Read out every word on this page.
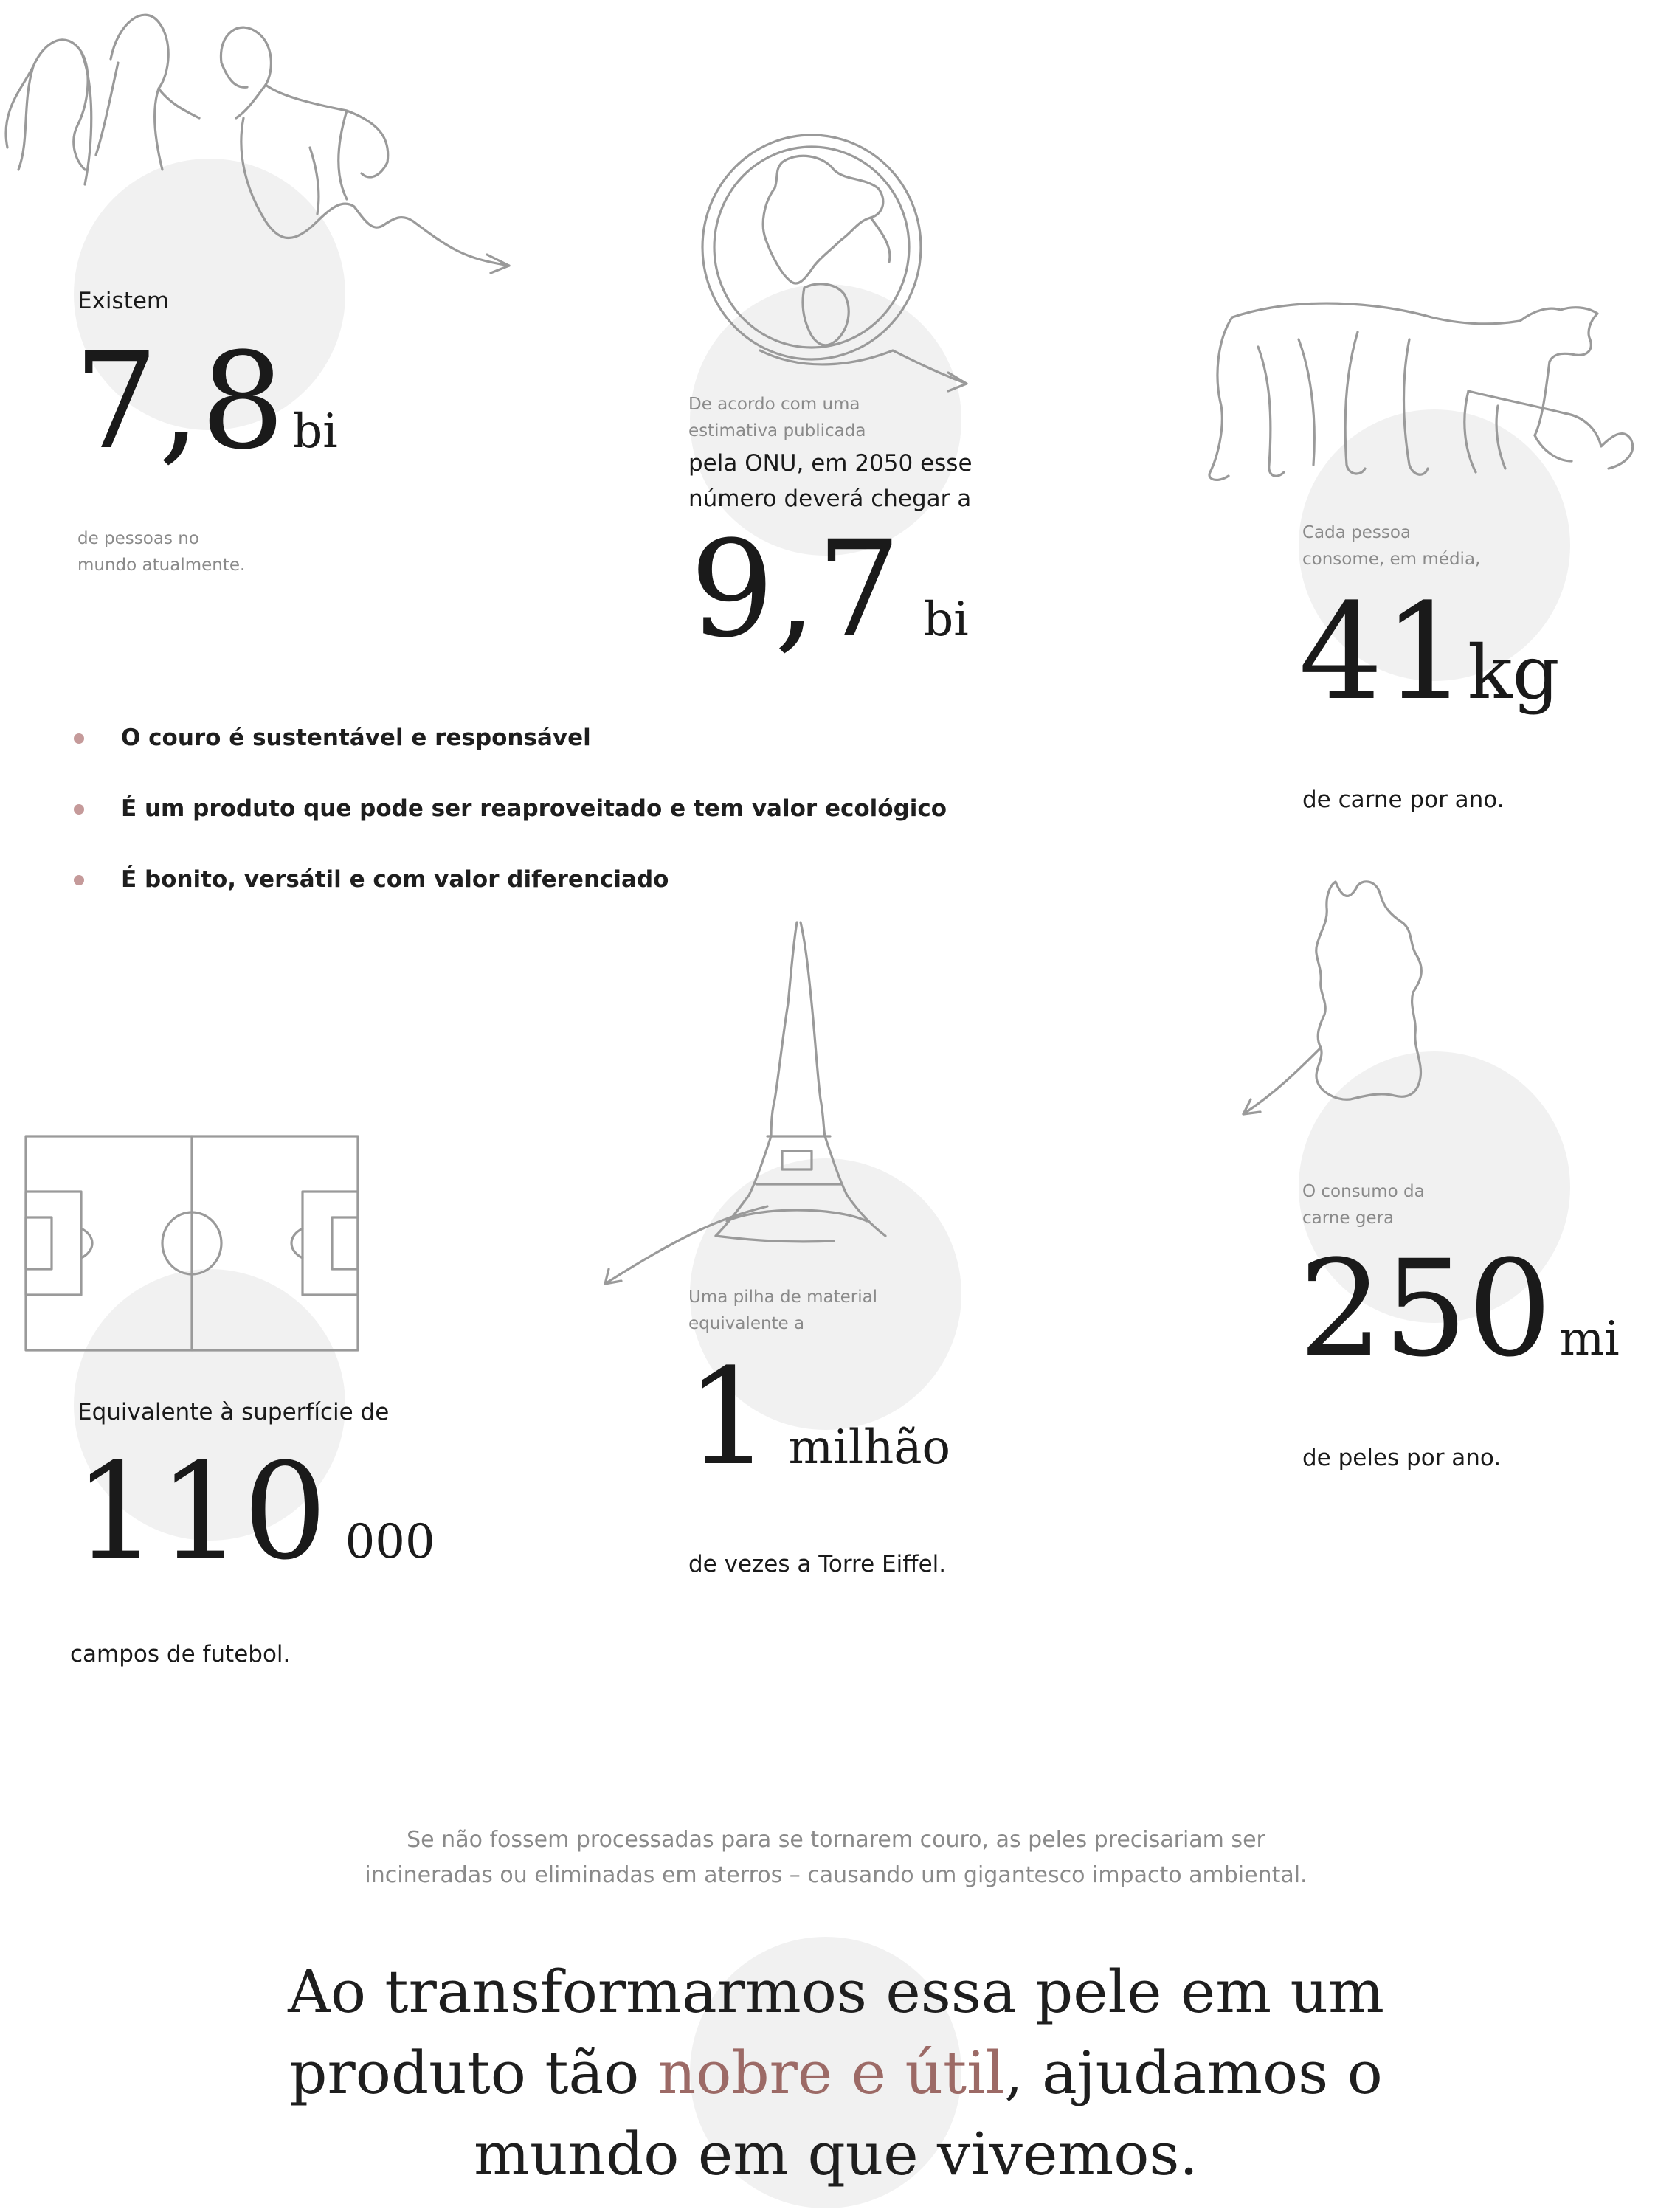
Existem
7,8 bi
de pessoas no
mundo atualmente.
De acordo com uma
estimativa publicada
pela ONU, em 2050 esse
número deverá chegar a
9,7 bi
Cada pessoa
consome, em média,
41kg
de carne por ano.
O couro é sustentável e responsável
É um produto que pode ser reaproveitado e tem valor ecológico
É bonito, versátil e com valor diferenciado
O consumo da
carne gera
250 mi
de peles por ano.
Uma pilha de material
equivalente a
1 milhão
de vezes a Torre Eiffel.
Equivalente à superfície de
110 000
campos de futebol.
Se não fossem processadas para se tornarem couro, as peles precisariam ser
incineradas ou eliminadas em aterros – causando um gigantesco impacto ambiental.
Ao transformarmos essa pele em um
produto tão nobre e útil, ajudamos o
mundo em que vivemos.
